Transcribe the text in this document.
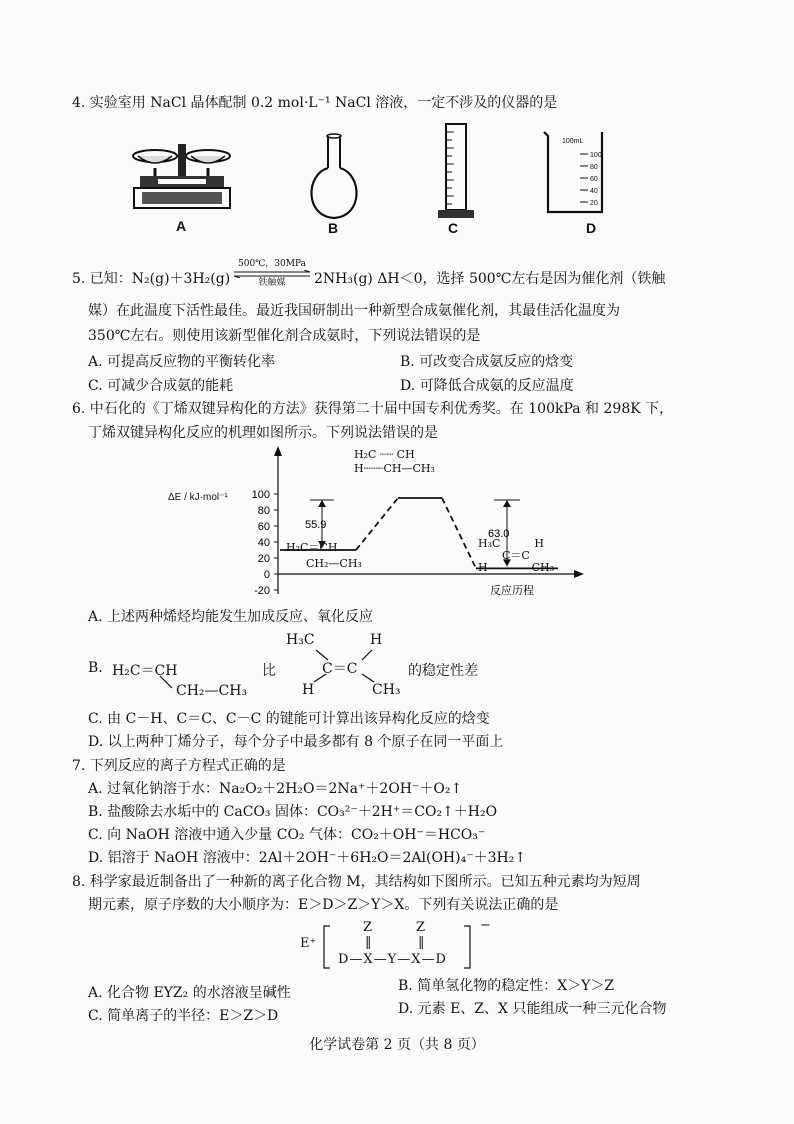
4. 实验室用 NaCl 晶体配制 0.2 mol·L⁻¹ NaCl 溶液，一定不涉及的仪器的是
A	B	C
100mL
100
80
60
40
20
D
5. 已知：N₂(g)＋3H₂(g)
500℃，30MPa
铁触媒	2NH₃(g) ΔH＜0，选择 500℃左右是因为催化剂（铁触
媒）在此温度下活性最佳。最近我国研制出一种新型合成氨催化剂，其最佳活化温度为
350℃左右。则使用该新型催化剂合成氨时，下列说法错误的是
A. 可提高反应物的平衡转化率	B. 可改变合成氨反应的焓变
C. 可减少合成氨的能耗	D. 可降低合成氨的反应温度
6. 中石化的《丁烯双键异构化的方法》获得第二十届中国专利优秀奖。在 100kPa 和 298K 下，
丁烯双键异构化反应的机理如图所示。下列说法错误的是
ΔE / kJ·mol⁻¹ 100
80
60
40
20
0
-20
55.9
63.0
反应历程
H₂C ┈┈ CH
H┈┈┈CH—CH₃
H₂C＝CH
CH₂—CH₃
H₃C	H
C＝C
H	CH₃
A. 上述两种烯烃均能发生加成反应、氧化反应
B. H₂C＝CH
CH₂—CH₃
比
H₃C	H
C＝C
H	CH₃
的稳定性差
C. 由 C－H、C＝C、C－C 的键能可计算出该异构化反应的焓变
D. 以上两种丁烯分子，每个分子中最多都有 8 个原子在同一平面上
7. 下列反应的离子方程式正确的是
A. 过氧化钠溶于水：Na₂O₂＋2H₂O＝2Na⁺＋2OH⁻＋O₂↑
B. 盐酸除去水垢中的 CaCO₃ 固体：CO₃²⁻＋2H⁺＝CO₂↑＋H₂O
C. 向 NaOH 溶液中通入少量 CO₂ 气体：CO₂＋OH⁻＝HCO₃⁻
D. 铝溶于 NaOH 溶液中：2Al＋2OH⁻＋6H₂O＝2Al(OH)₄⁻＋3H₂↑
8. 科学家最近制备出了一种新的离子化合物 M，其结构如下图所示。已知五种元素均为短周
期元素，原子序数的大小顺序为：E＞D＞Z＞Y＞X。下列有关说法正确的是
E⁺
−
Z	Z
‖	‖
D—X—Y—X—D
A. 化合物 EYZ₂ 的水溶液呈碱性	B. 简单氢化物的稳定性：X＞Y＞Z
C. 简单离子的半径：E＞Z＞D	D. 元素 E、Z、X 只能组成一种三元化合物
化学试卷第 2 页（共 8 页）
